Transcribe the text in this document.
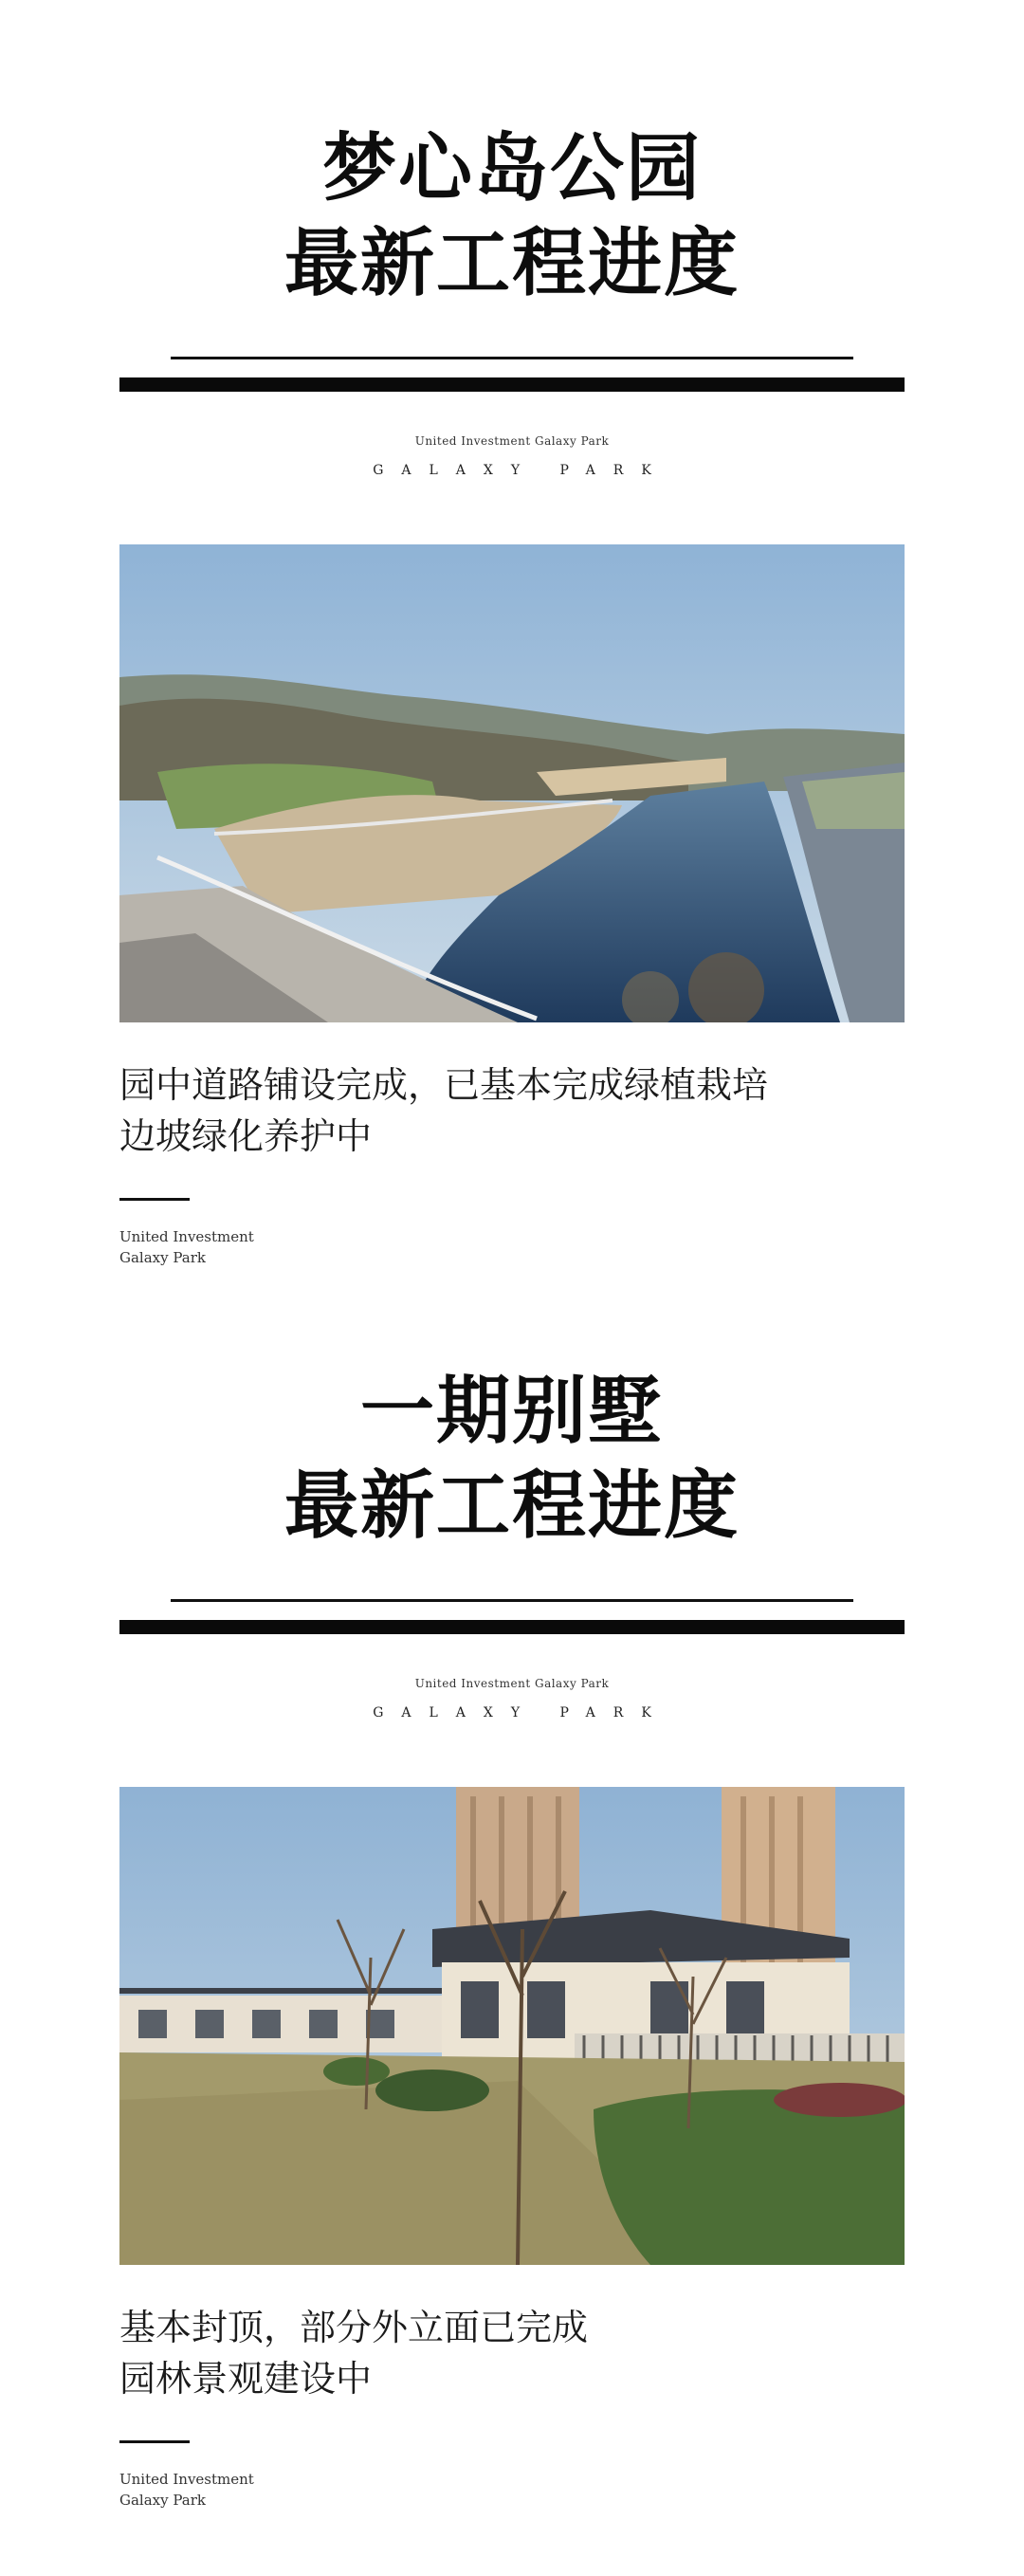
梦心岛公园
最新工程进度
United Investment Galaxy Park
GALAXY PARK
园中道路铺设完成，已基本完成绿植栽培
边坡绿化养护中
United Investment
Galaxy Park
一期别墅
最新工程进度
United Investment Galaxy Park
GALAXY PARK
基本封顶，部分外立面已完成
园林景观建设中
United Investment
Galaxy Park
